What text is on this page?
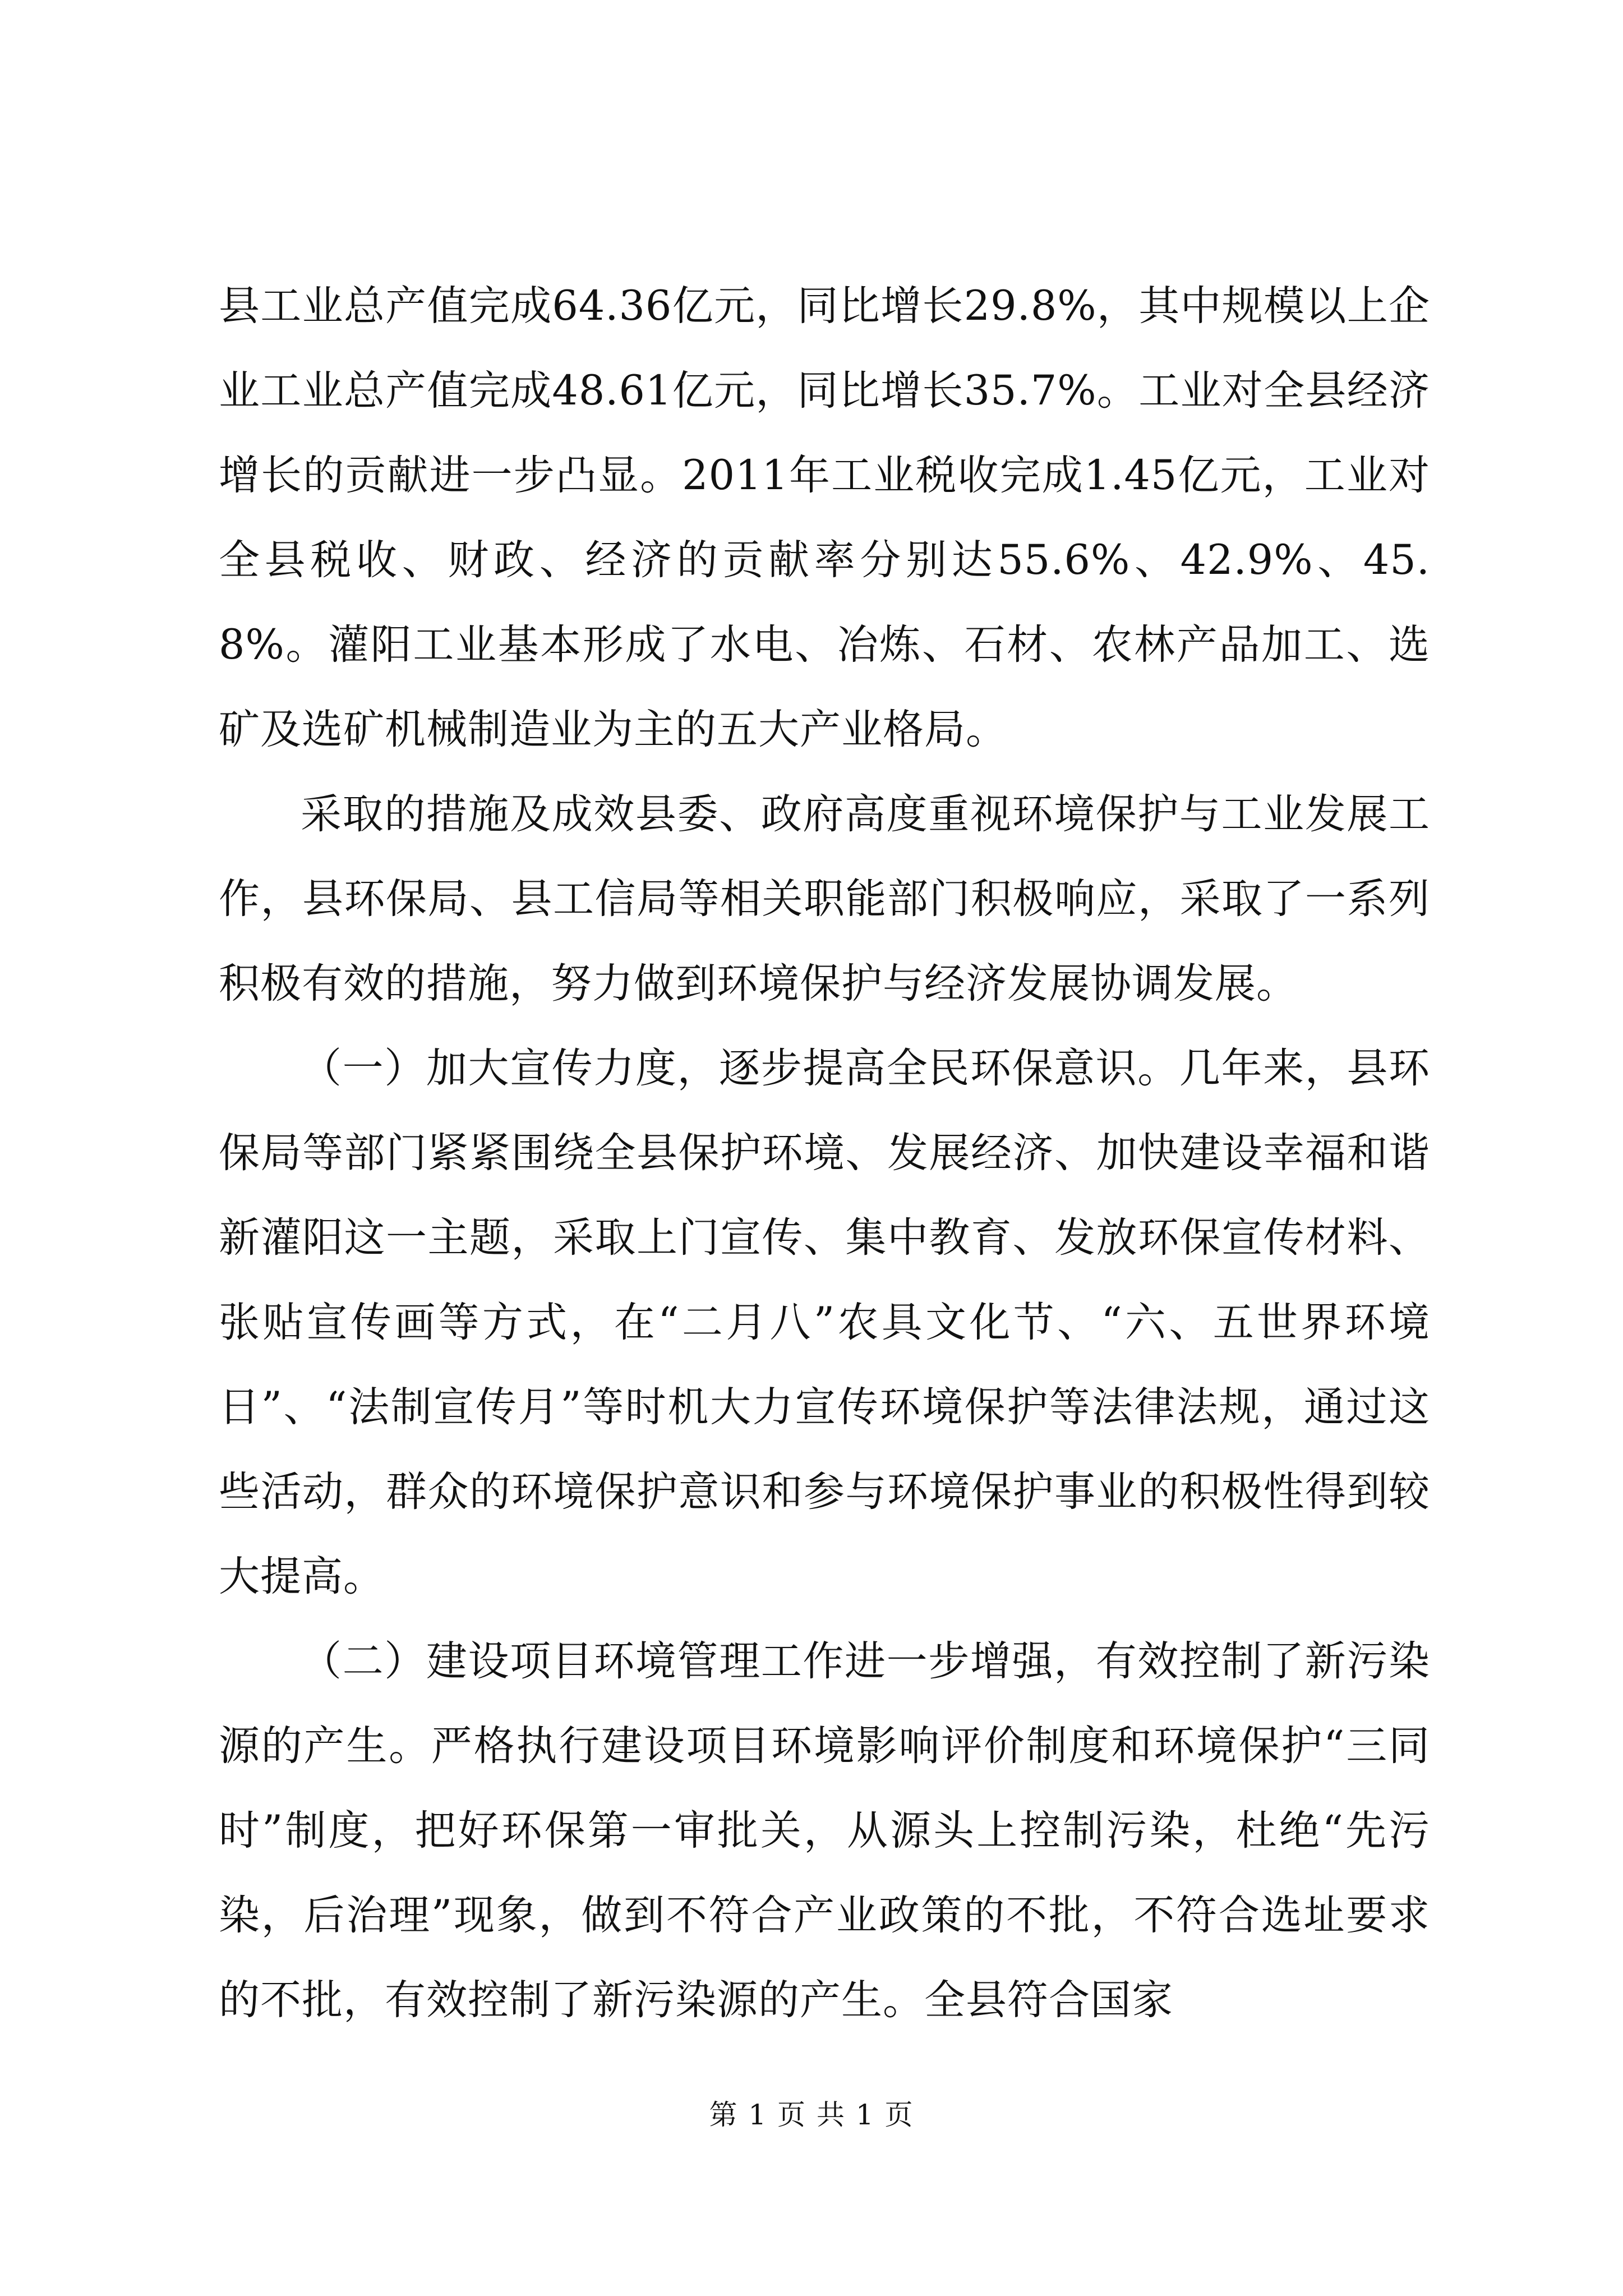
县工业总产值完成64.36亿元，同比增长29.8%，其中规模以上企业工业总产值完成48.61亿元，同比增长35.7%。工业对全县经济增长的贡献进一步凸显。2011年工业税收完成1.45亿元，工业对全县税收、财政、经济的贡献率分别达55.6%、42.9%、45.8%。灌阳工业基本形成了水电、冶炼、石材、农林产品加工、选矿及选矿机械制造业为主的五大产业格局。

采取的措施及成效县委、政府高度重视环境保护与工业发展工作，县环保局、县工信局等相关职能部门积极响应，采取了一系列积极有效的措施，努力做到环境保护与经济发展协调发展。

（一）加大宣传力度，逐步提高全民环保意识。几年来，县环保局等部门紧紧围绕全县保护环境、发展经济、加快建设幸福和谐新灌阳这一主题，采取上门宣传、集中教育、发放环保宣传材料、张贴宣传画等方式，在“二月八”农具文化节、“六、五世界环境日”、“法制宣传月”等时机大力宣传环境保护等法律法规，通过这些活动，群众的环境保护意识和参与环境保护事业的积极性得到较大提高。

（二）建设项目环境管理工作进一步增强，有效控制了新污染源的产生。严格执行建设项目环境影响评价制度和环境保护“三同时”制度，把好环保第一审批关，从源头上控制污染，杜绝“先污染，后治理”现象，做到不符合产业政策的不批，不符合选址要求的不批，有效控制了新污染源的产生。全县符合国家

第 1 页 共 1 页
